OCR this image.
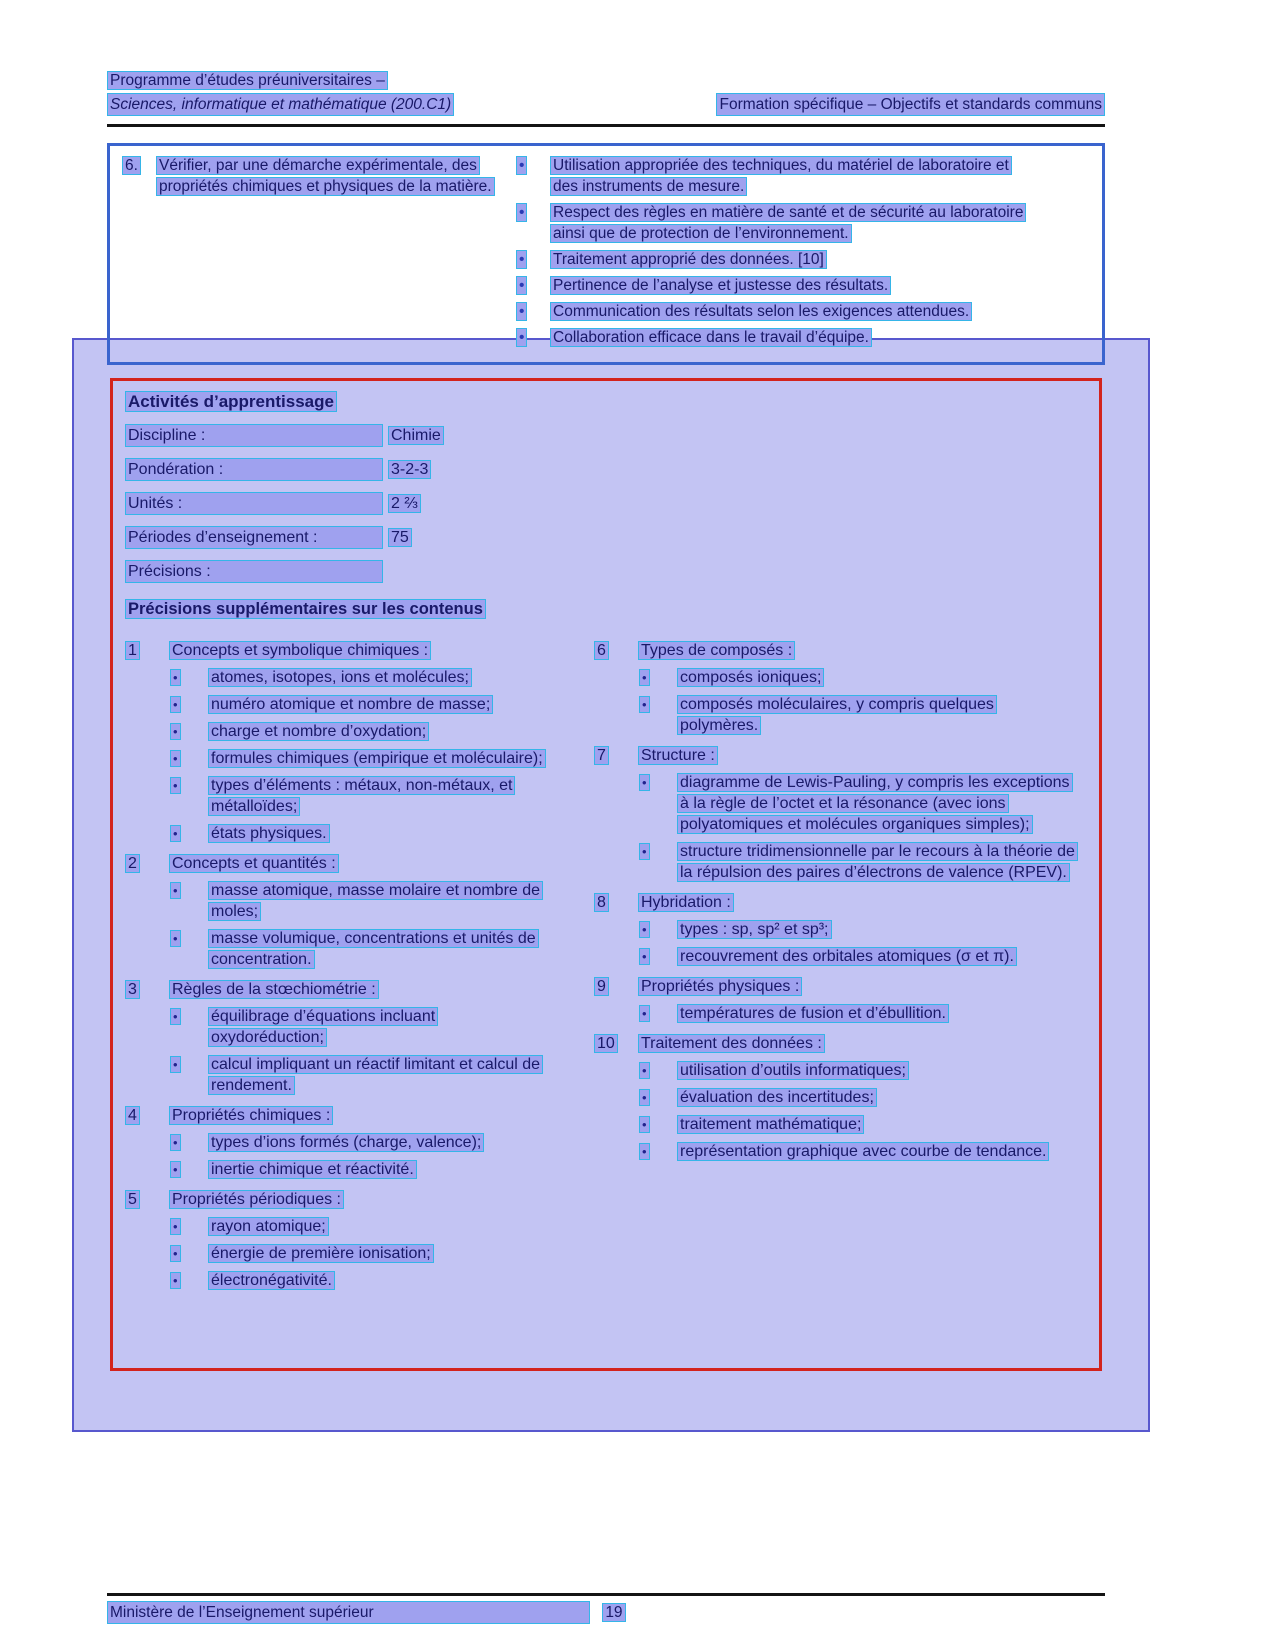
Programme d’études préuniversitaires –
Sciences, informatique et mathématique (200.C1)	Formation spécifique – Objectifs et standards communs
6.	Vérifier, par une démarche expérimentale, des propriétés chimiques et physiques de la matière.
•	Utilisation appropriée des techniques, du matériel de laboratoire et des instruments de mesure.
•	Respect des règles en matière de santé et de sécurité au laboratoire ainsi que de protection de l’environnement.
•	Traitement approprié des données. [10]
•	Pertinence de l’analyse et justesse des résultats.
•	Communication des résultats selon les exigences attendues.
•	Collaboration efficace dans le travail d’équipe.
Activités d’apprentissage
Discipline :	Chimie
Pondération :	3-2-3
Unités :	2 ⅔
Périodes d’enseignement :	75
Précisions :
Précisions supplémentaires sur les contenus
1	Concepts et symbolique chimiques :
•	atomes, isotopes, ions et molécules;
•	numéro atomique et nombre de masse;
•	charge et nombre d’oxydation;
•	formules chimiques (empirique et moléculaire);
•	types d’éléments : métaux, non-métaux, et métalloïdes;
•	états physiques.
2	Concepts et quantités :
•	masse atomique, masse molaire et nombre de moles;
•	masse volumique, concentrations et unités de concentration.
3	Règles de la stœchiométrie :
•	équilibrage d’équations incluant oxydoréduction;
•	calcul impliquant un réactif limitant et calcul de rendement.
4	Propriétés chimiques :
•	types d’ions formés (charge, valence);
•	inertie chimique et réactivité.
5	Propriétés périodiques :
•	rayon atomique;
•	énergie de première ionisation;
•	électronégativité.
6	Types de composés :
•	composés ioniques;
•	composés moléculaires, y compris quelques polymères.
7	Structure :
•	diagramme de Lewis-Pauling, y compris les exceptions à la règle de l’octet et la résonance (avec ions polyatomiques et molécules organiques simples);
•	structure tridimensionnelle par le recours à la théorie de la répulsion des paires d’électrons de valence (RPEV).
8	Hybridation :
•	types : sp, sp² et sp³;
•	recouvrement des orbitales atomiques (σ et π).
9	Propriétés physiques :
•	températures de fusion et d’ébullition.
10	Traitement des données :
•	utilisation d’outils informatiques;
•	évaluation des incertitudes;
•	traitement mathématique;
•	représentation graphique avec courbe de tendance.
Ministère de l’Enseignement supérieur	19
